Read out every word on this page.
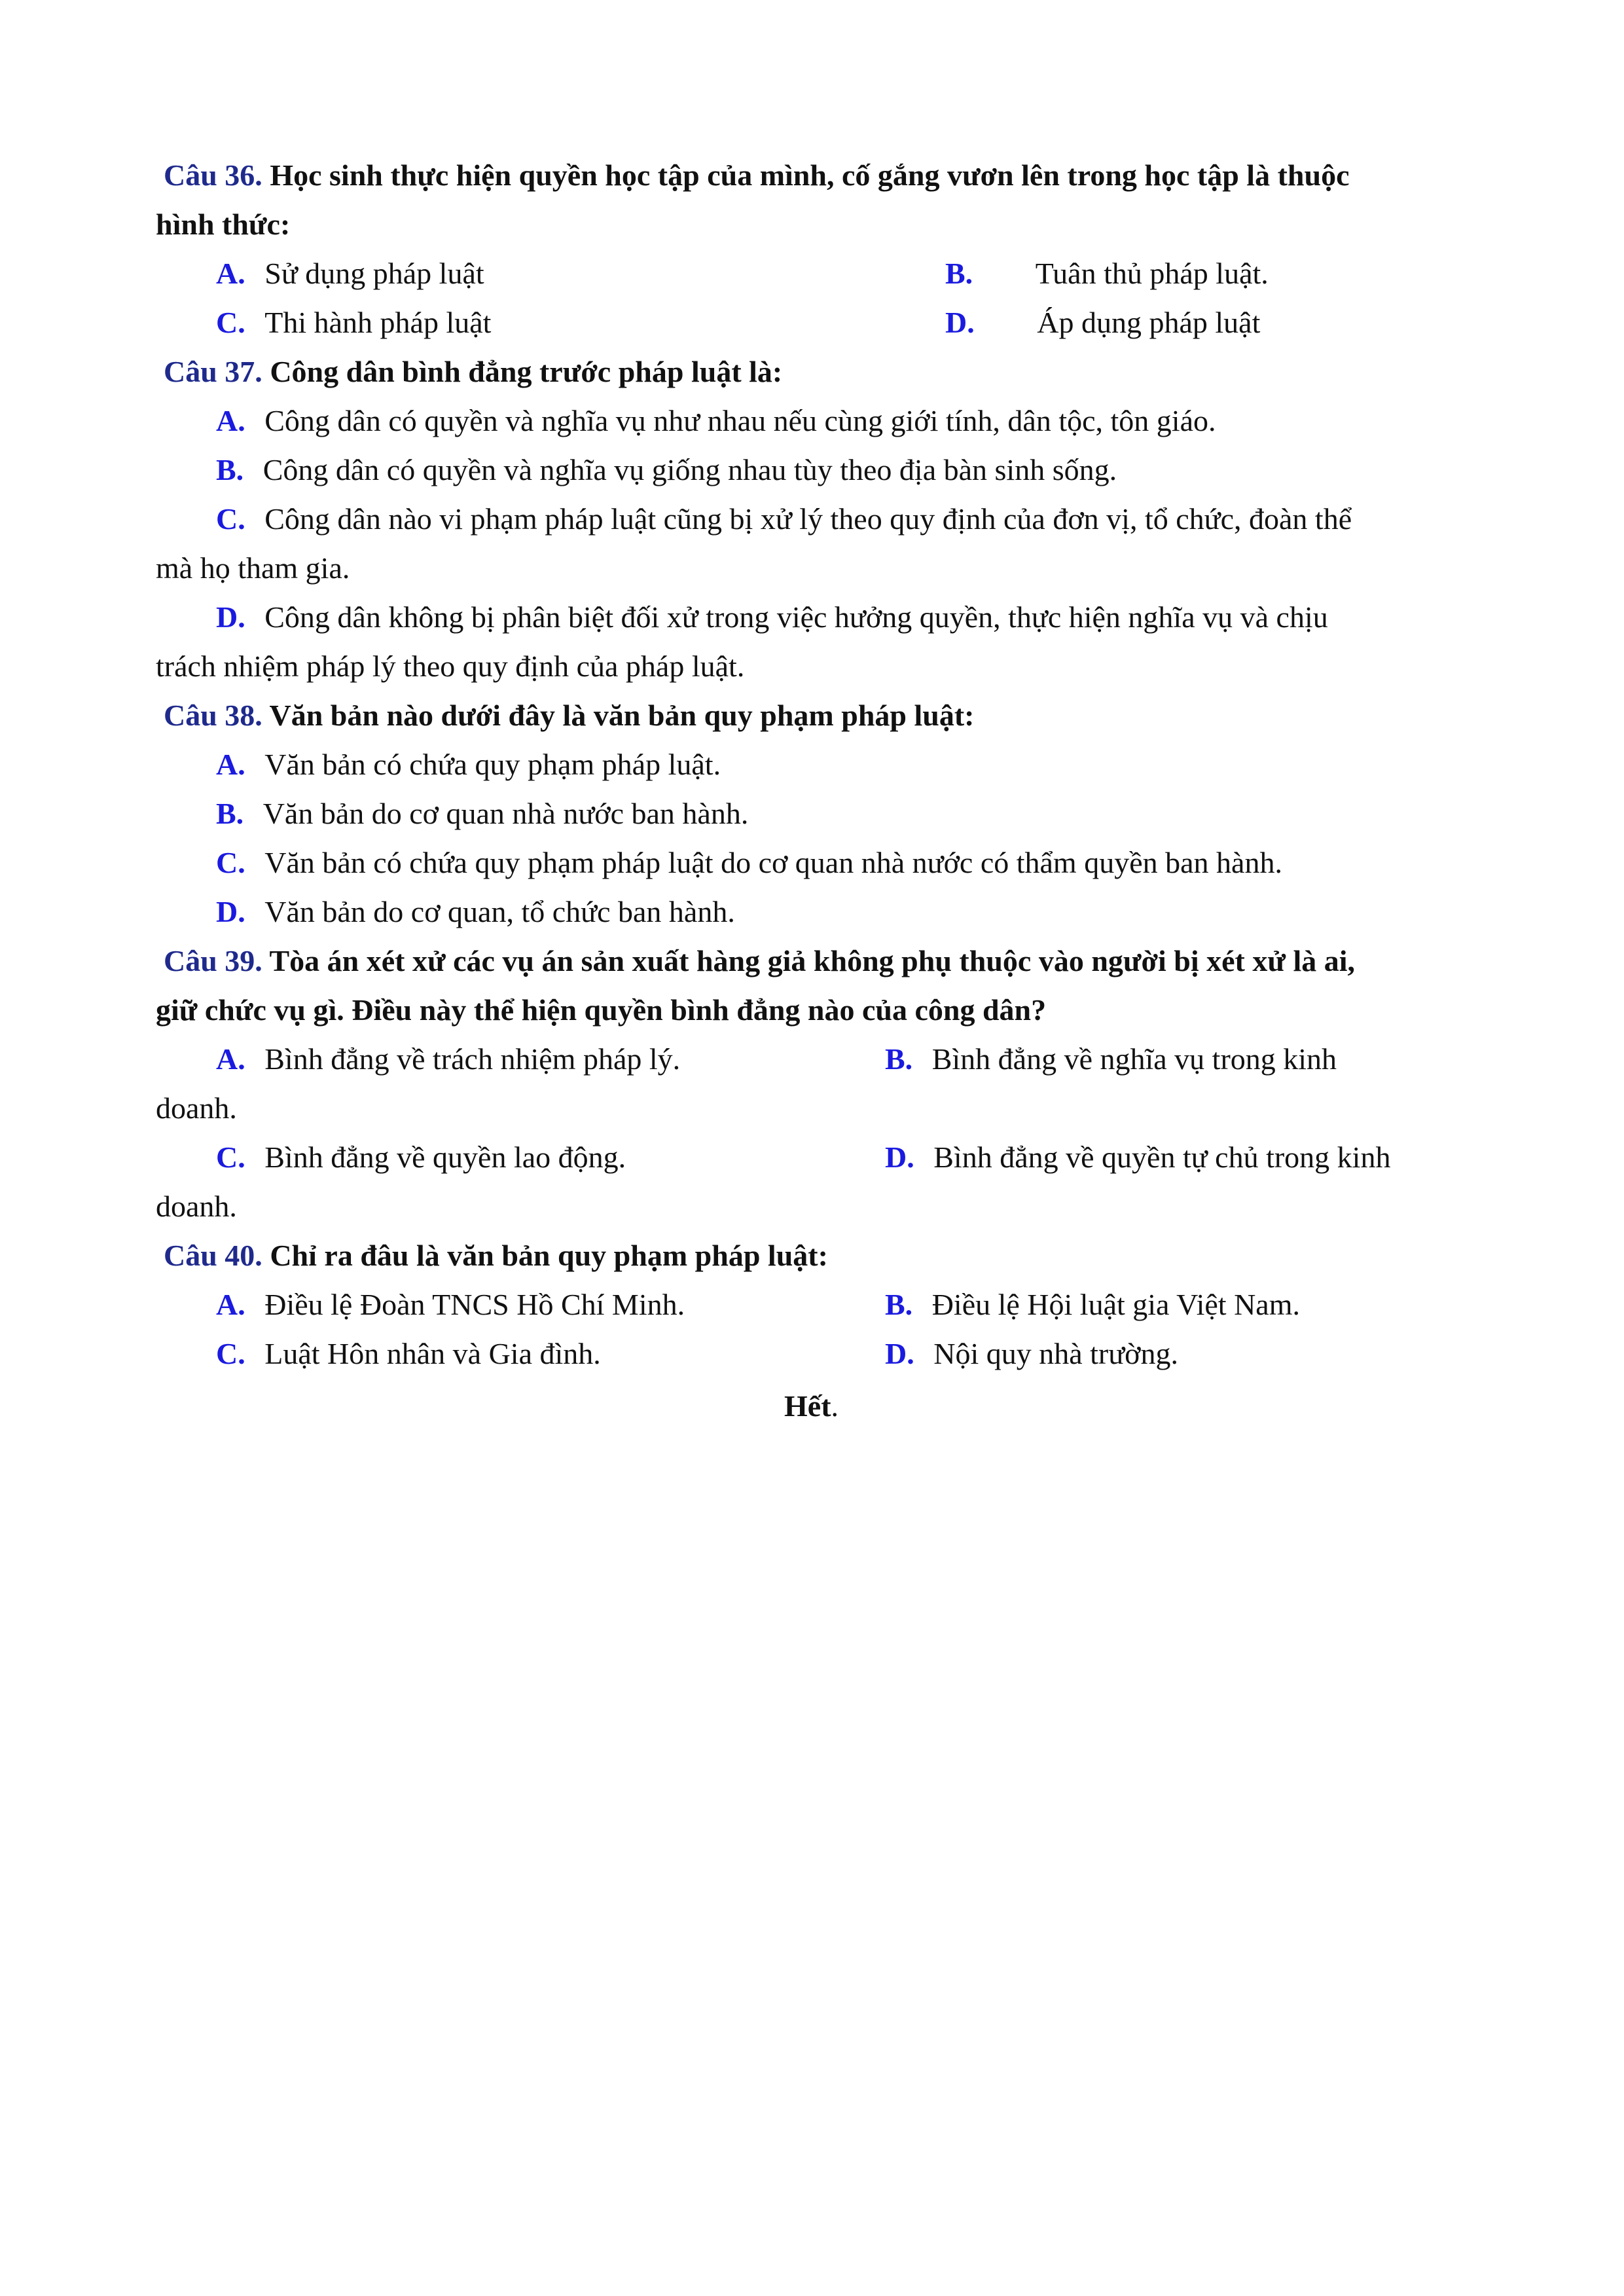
Câu 36. Học sinh thực hiện quyền học tập của mình, cố gắng vươn lên trong học tập là thuộc
hình thức:
A. Sử dụng pháp luật	B. Tuân thủ pháp luật.
C. Thi hành pháp luật	D. Áp dụng pháp luật
Câu 37. Công dân bình đẳng trước pháp luật là:
A. Công dân có quyền và nghĩa vụ như nhau nếu cùng giới tính, dân tộc, tôn giáo.
B. Công dân có quyền và nghĩa vụ giống nhau tùy theo địa bàn sinh sống.
C. Công dân nào vi phạm pháp luật cũng bị xử lý theo quy định của đơn vị, tổ chức, đoàn thể
mà họ tham gia.
D. Công dân không bị phân biệt đối xử trong việc hưởng quyền, thực hiện nghĩa vụ và chịu
trách nhiệm pháp lý theo quy định của pháp luật.
Câu 38. Văn bản nào dưới đây là văn bản quy phạm pháp luật:
A. Văn bản có chứa quy phạm pháp luật.
B. Văn bản do cơ quan nhà nước ban hành.
C. Văn bản có chứa quy phạm pháp luật do cơ quan nhà nước có thẩm quyền ban hành.
D. Văn bản do cơ quan, tổ chức ban hành.
Câu 39. Tòa án xét xử các vụ án sản xuất hàng giả không phụ thuộc vào người bị xét xử là ai,
giữ chức vụ gì. Điều này thể hiện quyền bình đẳng nào của công dân?
A. Bình đẳng về trách nhiệm pháp lý.	B. Bình đẳng về nghĩa vụ trong kinh
doanh.
C. Bình đẳng về quyền lao động.	D. Bình đẳng về quyền tự chủ trong kinh
doanh.
Câu 40. Chỉ ra đâu là văn bản quy phạm pháp luật:
A. Điều lệ Đoàn TNCS Hồ Chí Minh.	B. Điều lệ Hội luật gia Việt Nam.
C. Luật Hôn nhân và Gia đình.	D. Nội quy nhà trường.
Hết.
